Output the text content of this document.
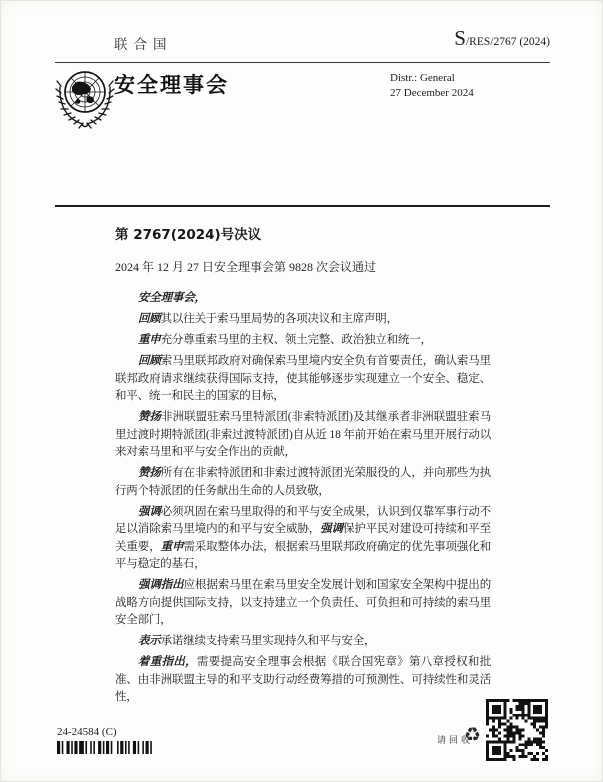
联合国	S/RES/2767 (2024)
安全理事会	Distr.: General
27 December 2024
第 2767(2024)号决议

2024 年 12 月 27 日安全理事会第 9828 次会议通过

安全理事会，

回顾其以往关于索马里局势的各项决议和主席声明，

重申充分尊重索马里的主权、领土完整、政治独立和统一，

回顾索马里联邦政府对确保索马里境内安全负有首要责任，确认索马里联邦政府请求继续获得国际支持，使其能够逐步实现建立一个安全、稳定、和平、统一和民主的国家的目标，

赞扬非洲联盟驻索马里特派团(非索特派团)及其继承者非洲联盟驻索马里过渡时期特派团(非索过渡特派团)自从近 18 年前开始在索马里开展行动以来对索马里和平与安全作出的贡献，

赞扬所有在非索特派团和非索过渡特派团光荣服役的人，并向那些为执行两个特派团的任务献出生命的人员致敬，

强调必须巩固在索马里取得的和平与安全成果，认识到仅靠军事行动不足以消除索马里境内的和平与安全威胁，强调保护平民对建设可持续和平至关重要，重申需采取整体办法，根据索马里联邦政府确定的优先事项强化和平与稳定的基石，

强调指出应根据索马里在索马里安全发展计划和国家安全架构中提出的战略方向提供国际支持，以支持建立一个负责任、可负担和可持续的索马里安全部门，

表示承诺继续支持索马里实现持久和平与安全，

着重指出，需要提高安全理事会根据《联合国宪章》第八章授权和批准、由非洲联盟主导的和平支助行动经费筹措的可预测性、可持续性和灵活性，

24-24584 (C)
请回收
♻
